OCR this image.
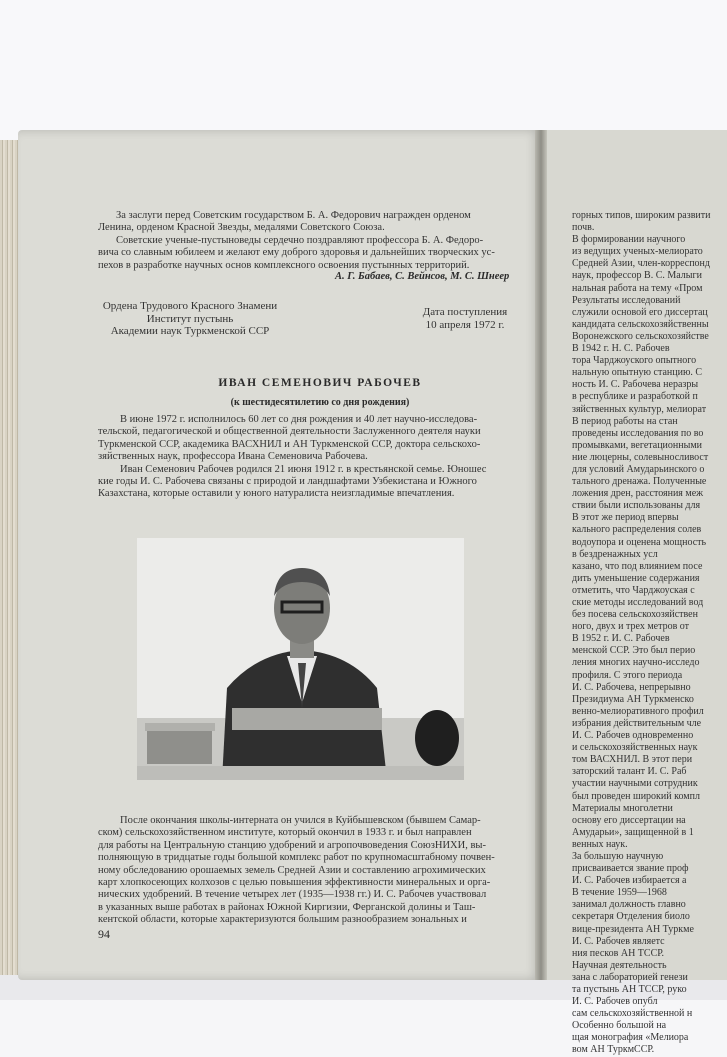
За заслуги перед Советским государством Б. А. Федорович награжден орденом
Ленина, орденом Красной Звезды, медалями Советского Союза.
Советские ученые-пустыноведы сердечно поздравляют профессора Б. А. Федоро-
вича со славным юбилеем и желают ему доброго здоровья и дальнейших творческих ус-
пехов в разработке научных основ комплексного освоения пустынных территорий.
А. Г. Бабаев, С. Вейнсов, М. С. Шнеер
Ордена Трудового Красного Знамени
Институт пустынь
Академии наук Туркменской ССР
Дата поступления
10 апреля 1972 г.
ИВАН СЕМЕНОВИЧ РАБОЧЕВ
(к шестидесятилетию со дня рождения)
В июне 1972 г. исполнилось 60 лет со дня рождения и 40 лет научно-исследова-
тельской, педагогической и общественной деятельности Заслуженного деятеля науки
Туркменской ССР, академика ВАСХНИЛ и АН Туркменской ССР, доктора сельскохо-
зяйственных наук, профессора Ивана Семеновича Рабочева.
Иван Семенович Рабочев родился 21 июня 1912 г. в крестьянской семье. Юношес
кие годы И. С. Рабочева связаны с природой и ландшафтами Узбекистана и Южного
Казахстана, которые оставили у юного натуралиста неизгладимые впечатления.
После окончания школы-интерната он учился в Куйбышевском (бывшем Самар-
ском) сельскохозяйственном институте, который окончил в 1933 г. и был направлен
для работы на Центральную станцию удобрений и агропочвоведения СоюзНИХИ, вы-
полняющую в тридцатые годы большой комплекс работ по крупномасштабному почвен-
ному обследованию орошаемых земель Средней Азии и составлению агрохимических
карт хлопкосеющих колхозов с целью повышения эффективности минеральных и орга-
нических удобрений. В течение четырех лет (1935—1938 гг.) И. С. Рабочев участвовал
в указанных выше работах в районах Южной Киргизии, Ферганской долины и Таш-
кентской области, которые характеризуются большим разнообразием зональных и
94
горных типов, широким развити
почв.
В формировании научного
из ведущих ученых-мелиорато
Средней Азии, член-корреспонд
наук, профессор В. С. Малыги
нальная работа на тему «Пром
Результаты исследований
служили основой его диссертац
кандидата сельскохозяйственны
Воронежского сельскохозяйстве
В 1942 г. Н. С. Рабочев
тора Чарджоуского опытного
нальную опытную станцию. С
ность И. С. Рабочева неразры
в республике и разработкой п
зяйственных культур, мелиорат
В период работы на стан
проведены исследования по во
промывками, вегетационными
ние люцерны, солевыносливост
для условий Амударьинского о
тального дренажа. Полученные
ложения дрен, расстояния меж
ствии были использованы для
В этот же период впервы
кального распределения солев
водоупора и оценена мощность
в бездренажных усл
казано, что под влиянием посе
дить уменьшение содержания
отметить, что Чарджоуская с
ские методы исследований вод
без посева сельскохозяйствен
ного, двух и трех метров от
В 1952 г. И. С. Рабочев
менской ССР. Это был перио
ления многих научно-исследо
профиля. С этого периода
И. С. Рабочева, непрерывно
Президиума АН Туркменско
венно-мелиоративного профил
избрания действительным чле
И. С. Рабочев одновременно
и сельскохозяйственных наук
том ВАСХНИЛ. В этот пери
заторский талант И. С. Раб
участии научными сотрудник
был проведен широкий компл
Материалы многолетни
основу его диссертации на
Амударьи», защищенной в 1
венных наук.
За большую научную
присваивается звание проф
И. С. Рабочев избирается а
В течение 1959—1968
занимал должность главно
секретаря Отделения биоло
вице-президента АН Туркме
И. С. Рабочев являетс
ния песков АН ТССР.
Научная деятельность
зана с лабораторией генези
та пустынь АН ТССР, руко
И. С. Рабочев опубл
сам сельскохозяйственной н
Особенно большой на
щая монография «Мелиора
вом АН ТуркмССР.
